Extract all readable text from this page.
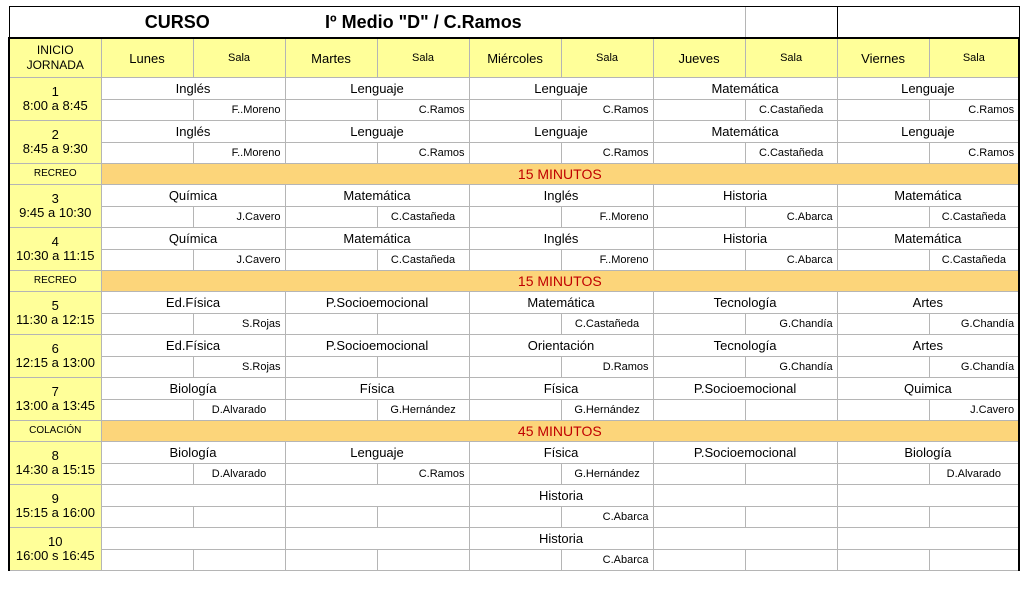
CURSO			Iº Medio "D" / C.Ramos							
INICIO
JORNADA	Lunes	Sala	Martes	Sala	Miércoles	Sala	Jueves	Sala	Viernes	Sala

1
8:00 a 8:45	Inglés		Lenguaje		Lenguaje		Matemática		Lenguaje	
		F..Moreno		C.Ramos		C.Ramos		C.Castañeda		C.Ramos

2
8:45 a 9:30	Inglés		Lenguaje		Lenguaje		Matemática		Lenguaje	
		F..Moreno		C.Ramos		C.Ramos		C.Castañeda		C.Ramos
RECREO	15 MINUTOS									

3
9:45 a 10:30	Química		Matemática		Inglés		Historia		Matemática	
		J.Cavero		C.Castañeda		F..Moreno		C.Abarca		C.Castañeda

4
10:30 a 11:15	Química		Matemática		Inglés		Historia		Matemática	
		J.Cavero		C.Castañeda		F..Moreno		C.Abarca		C.Castañeda
RECREO	15 MINUTOS									

5
11:30 a 12:15	Ed.Física		P.Socioemocional		Matemática		Tecnología		Artes	
		S.Rojas				C.Castañeda		G.Chandía		G.Chandía

6
12:15 a 13:00	Ed.Física		P.Socioemocional		Orientación		Tecnología		Artes	
		S.Rojas				D.Ramos		G.Chandía		G.Chandía

7
13:00 a 13:45	Biología		Física		Física		P.Socioemocional		Quimica	
		D.Alvarado		G.Hernández		G.Hernández				J.Cavero
COLACIÓN	45 MINUTOS									

8
14:30 a 15:15	Biología		Lenguaje		Física		P.Socioemocional		Biología	
		D.Alvarado		C.Ramos		G.Hernández				D.Alvarado

9
15:15 a 16:00					Historia					
						C.Abarca				

10
16:00 s 16:45					Historia					
						C.Abarca				
